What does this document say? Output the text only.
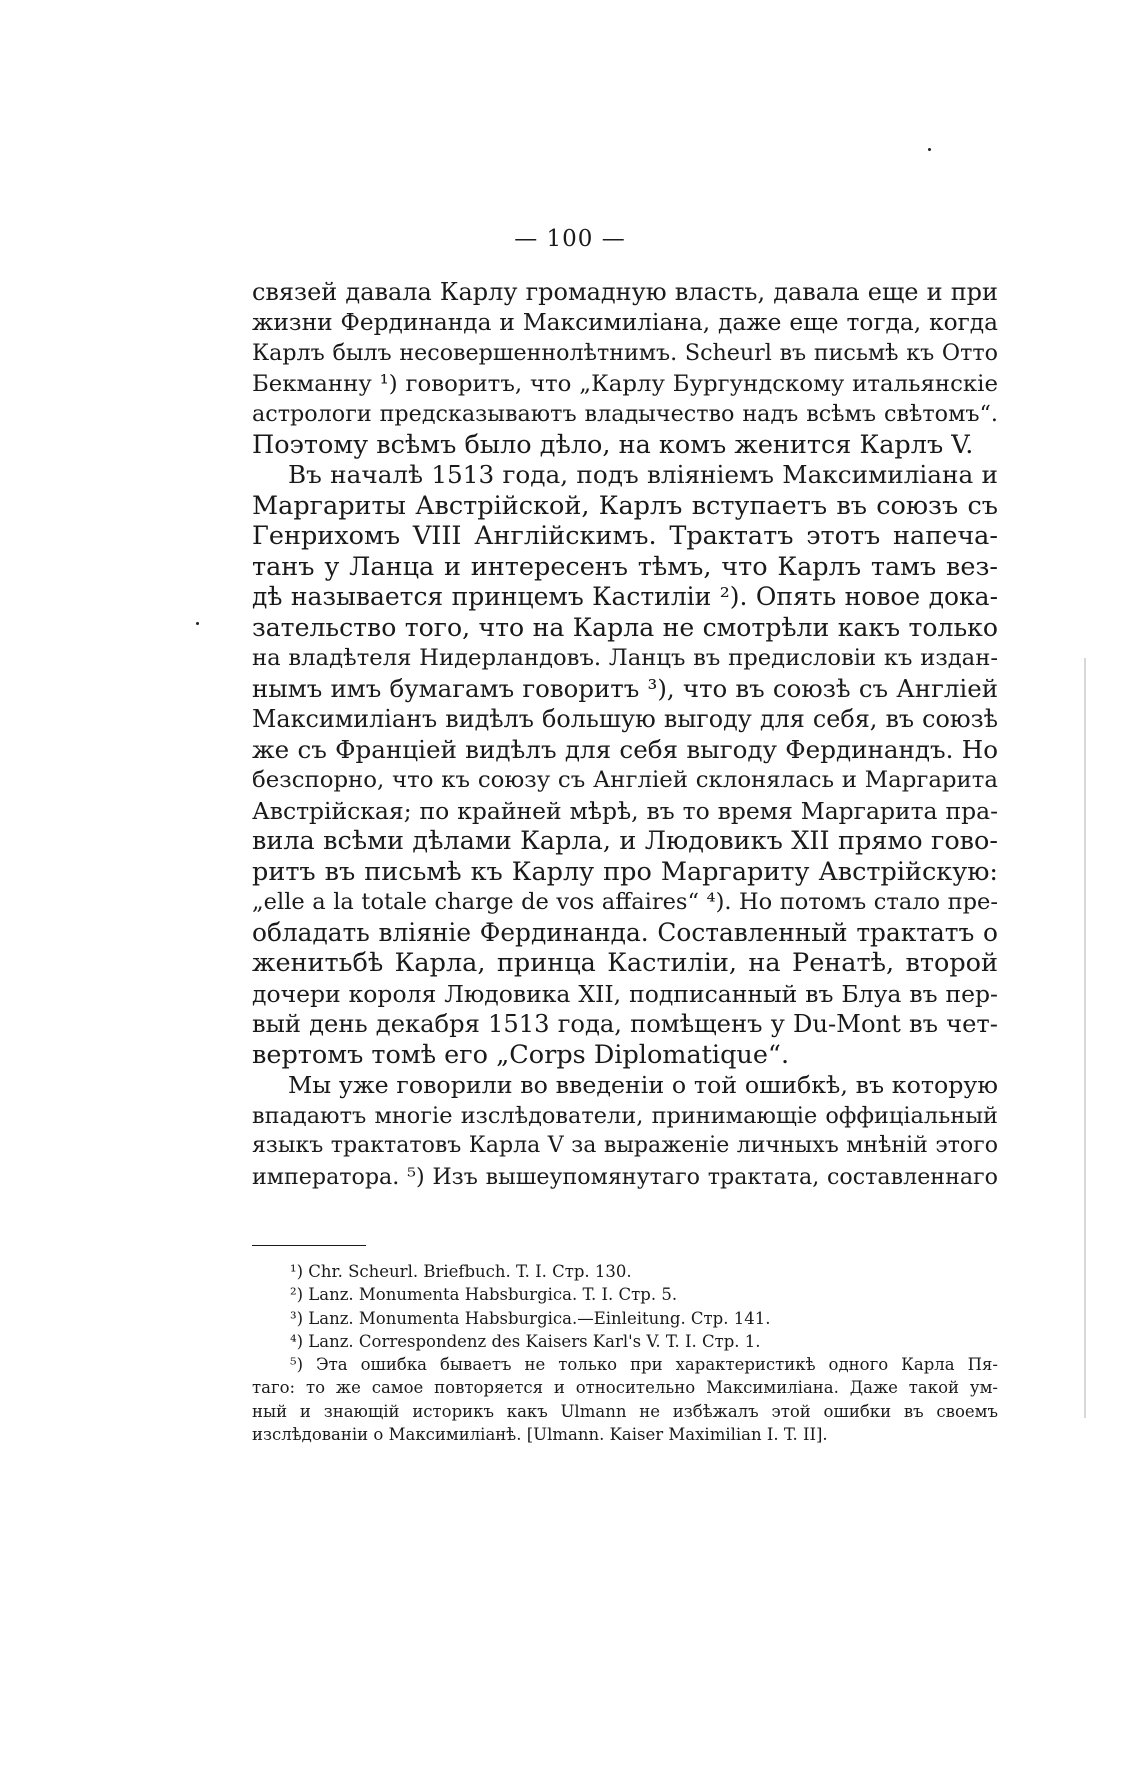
— 100 —
связей давала Карлу громадную власть, давала еще и при
жизни Фердинанда и Максимиліана, даже еще тогда, когда
Карлъ былъ несовершеннолѣтнимъ. Scheurl въ письмѣ къ Отто
Бекманну ¹) говоритъ, что „Карлу Бургундскому итальянскіе
астрологи предсказываютъ владычество надъ всѣмъ свѣтомъ“.
Поэтому всѣмъ было дѣло, на комъ женится Карлъ V.
Въ началѣ 1513 года, подъ вліяніемъ Максимиліана и
Маргариты Австрійской, Карлъ вступаетъ въ союзъ съ
Генрихомъ VIII Англійскимъ. Трактатъ этотъ напеча-
танъ у Ланца и интересенъ тѣмъ, что Карлъ тамъ вез-
дѣ называется принцемъ Кастиліи ²). Опять новое дока-
зательство того, что на Карла не смотрѣли какъ только
на владѣтеля Нидерландовъ. Ланцъ въ предисловіи къ издан-
нымъ имъ бумагамъ говоритъ ³), что въ союзѣ съ Англіей
Максимиліанъ видѣлъ большую выгоду для себя, въ союзѣ
же съ Франціей видѣлъ для себя выгоду Фердинандъ. Но
безспорно, что къ союзу съ Англіей склонялась и Маргарита
Австрійская; по крайней мѣрѣ, въ то время Маргарита пра-
вила всѣми дѣлами Карла, и Людовикъ XII прямо гово-
ритъ въ письмѣ къ Карлу про Маргариту Австрійскую:
„elle a la totale charge de vos affaires“ ⁴). Но потомъ стало пре-
обладать вліяніе Фердинанда. Составленный трактатъ о
женитьбѣ Карла, принца Кастиліи, на Ренатѣ, второй
дочери короля Людовика XII, подписанный въ Блуа въ пер-
вый день декабря 1513 года, помѣщенъ у Du-Mont въ чет-
вертомъ томѣ его „Corps Diplomatique“.
Мы уже говорили во введеніи о той ошибкѣ, въ которую
впадаютъ многіе изслѣдователи, принимающіе оффиціальный
языкъ трактатовъ Карла V за выраженіе личныхъ мнѣній этого
императора. ⁵) Изъ вышеупомянутаго трактата, составленнаго
¹) Chr. Scheurl. Briefbuch. T. I. Стр. 130.
²) Lanz. Monumenta Habsburgica. T. I. Стр. 5.
³) Lanz. Monumenta Habsburgica.—Einleitung. Стр. 141.
⁴) Lanz. Correspondenz des Kaisers Karl's V. T. I. Стр. 1.
⁵) Эта ошибка бываетъ не только при характеристикѣ одного Карла Пя-
таго: то же самое повторяется и относительно Максимиліана. Даже такой ум-
ный и знающій историкъ какъ Ulmann не избѣжалъ этой ошибки въ своемъ
изслѣдованіи о Максимиліанѣ. [Ulmann. Kaiser Maximilian I. T. II].
